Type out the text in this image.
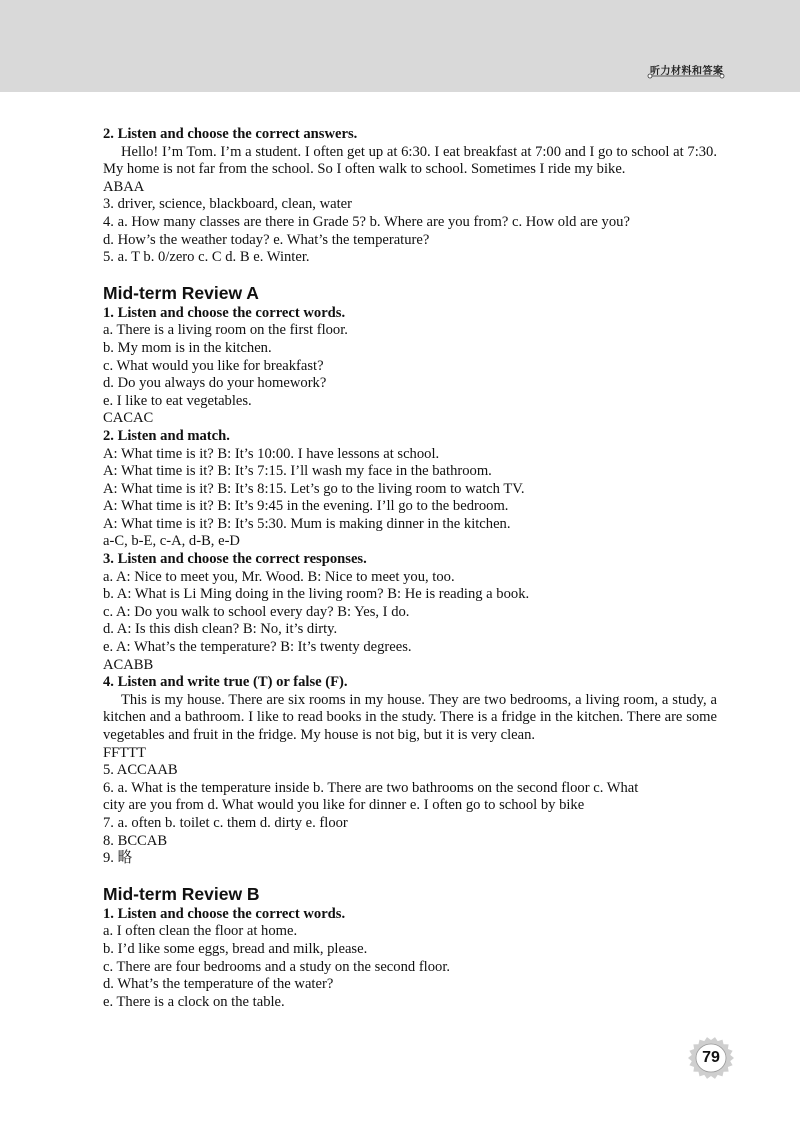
听力材料和答案
2. Listen and choose the correct answers.

Hello! I’m Tom. I’m a student. I often get up at 6:30. I eat breakfast at 7:00 and I go to school at 7:30. My home is not far from the school. So I often walk to school. Sometimes I ride my bike.

ABAA
3. driver, science, blackboard, clean, water
4. a. How many classes are there in Grade 5? b. Where are you from? c. How old are you?
d. How’s the weather today? e. What’s the temperature?
5. a. T b. 0/zero c. C d. B e. Winter.
Mid-term Review A
1. Listen and choose the correct words.
a. There is a living room on the first floor.
b. My mom is in the kitchen.
c. What would you like for breakfast?
d. Do you always do your homework?
e. I like to eat vegetables.
CACAC
2. Listen and match.
A: What time is it? B: It’s 10:00. I have lessons at school.
A: What time is it? B: It’s 7:15. I’ll wash my face in the bathroom.
A: What time is it? B: It’s 8:15. Let’s go to the living room to watch TV.
A: What time is it? B: It’s 9:45 in the evening. I’ll go to the bedroom.
A: What time is it? B: It’s 5:30. Mum is making dinner in the kitchen.
a-C, b-E, c-A, d-B, e-D
3. Listen and choose the correct responses.
a. A: Nice to meet you, Mr. Wood. B: Nice to meet you, too.
b. A: What is Li Ming doing in the living room? B: He is reading a book.
c. A: Do you walk to school every day? B: Yes, I do.
d. A: Is this dish clean? B: No, it’s dirty.
e. A: What’s the temperature? B: It’s twenty degrees.
ACABB
4. Listen and write true (T) or false (F).

This is my house. There are six rooms in my house. They are two bedrooms, a living room, a study, a kitchen and a bathroom. I like to read books in the study. There is a fridge in the kitchen. There are some vegetables and fruit in the fridge. My house is not big, but it is very clean.

FFTTT
5. ACCAAB
6. a. What is the temperature inside b. There are two bathrooms on the second floor c. What
city are you from d. What would you like for dinner e. I often go to school by bike
7. a. often b. toilet c. them d. dirty e. floor
8. BCCAB
9. 略
Mid-term Review B
1. Listen and choose the correct words.
a. I often clean the floor at home.
b. I’d like some eggs, bread and milk, please.
c. There are four bedrooms and a study on the second floor.
d. What’s the temperature of the water?
e. There is a clock on the table.
79
